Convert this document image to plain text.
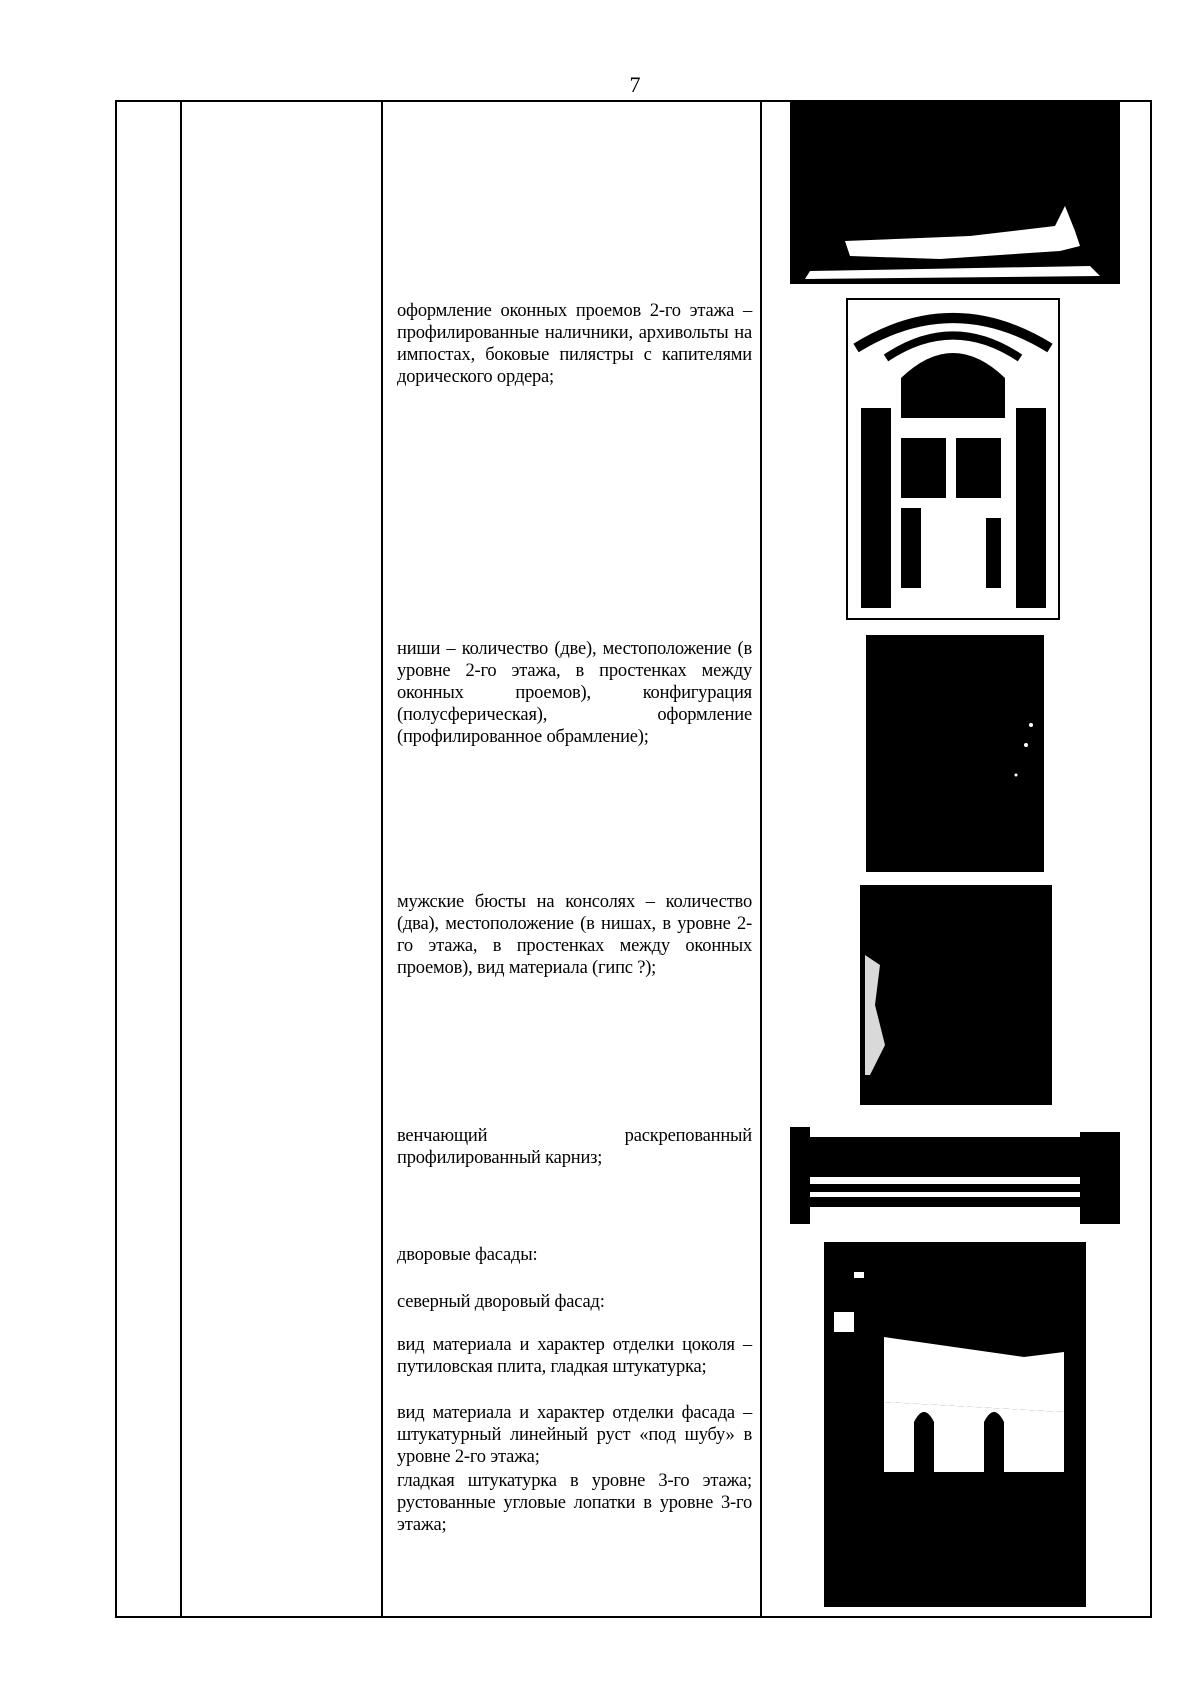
7
оформление оконных проемов 2-го этажа – профилированные наличники, архивольты на импостах, боковые пилястры с капителями дорического ордера;
ниши – количество (две), местоположение (в уровне 2-го этажа, в простенках между оконных проемов), конфигурация (полусферическая), оформление (профилированное обрамление);
мужские бюсты на консолях – количество (два), местоположение (в нишах, в уровне 2-го этажа, в простенках между оконных проемов), вид материала (гипс ?);
венчающий раскрепованный профилированный карниз;
дворовые фасады:
северный дворовый фасад:
вид материала и характер отделки цоколя – путиловская плита, гладкая штукатурка;
вид материала и характер отделки фасада – штукатурный линейный руст «под шубу» в уровне 2-го этажа;
гладкая штукатурка в уровне 3-го этажа; рустованные угловые лопатки в уровне 3-го этажа;
